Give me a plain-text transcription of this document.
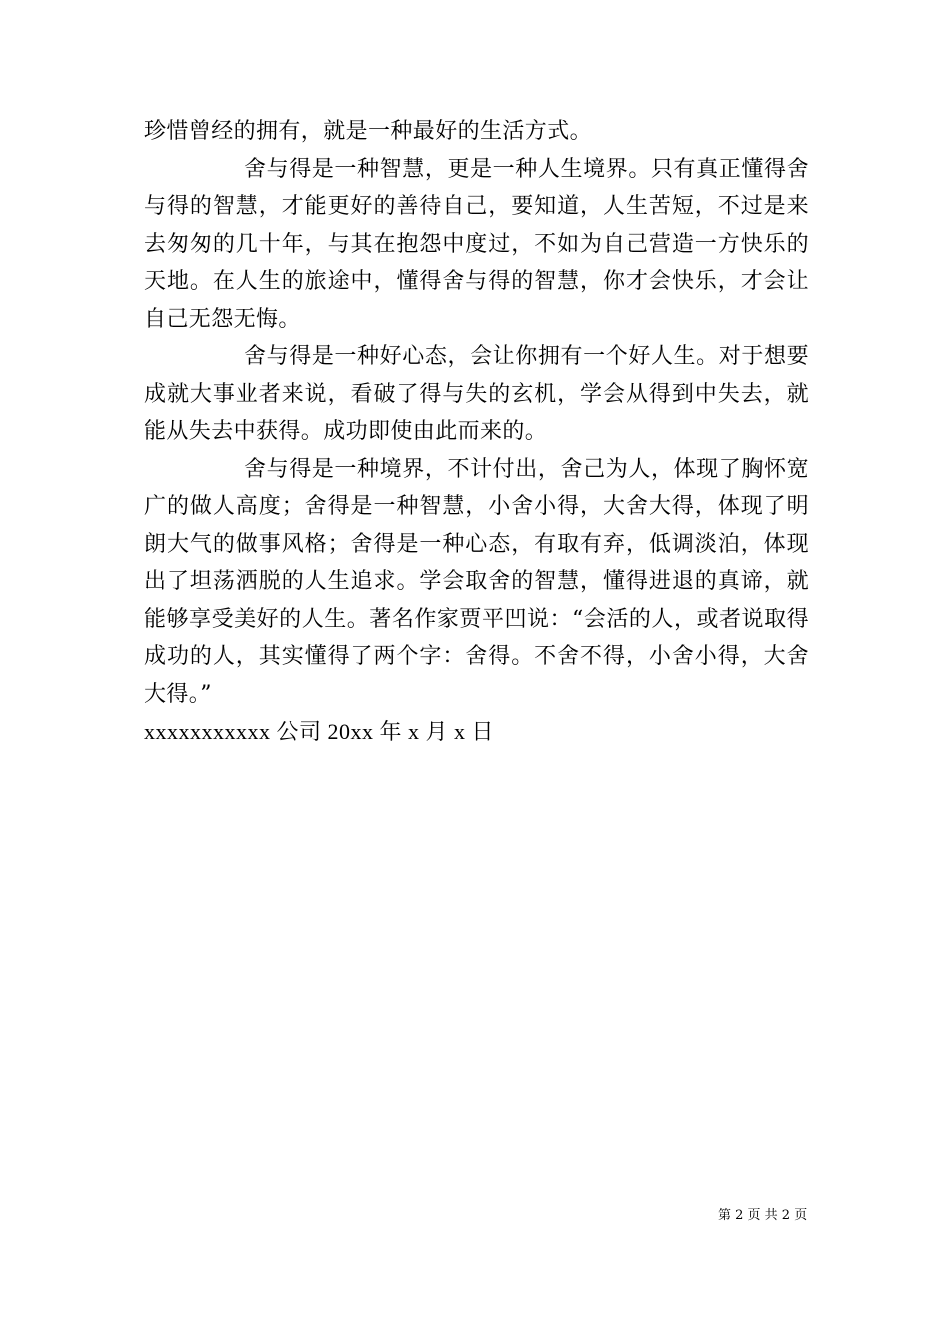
珍惜曾经的拥有，就是一种最好的生活方式。

舍与得是一种智慧，更是一种人生境界。只有真正懂得舍与得的智慧，才能更好的善待自己，要知道，人生苦短，不过是来去匆匆的几十年，与其在抱怨中度过，不如为自己营造一方快乐的天地。在人生的旅途中，懂得舍与得的智慧，你才会快乐，才会让自己无怨无悔。

舍与得是一种好心态，会让你拥有一个好人生。对于想要成就大事业者来说，看破了得与失的玄机，学会从得到中失去，就能从失去中获得。成功即使由此而来的。

舍与得是一种境界，不计付出，舍己为人，体现了胸怀宽广的做人高度；舍得是一种智慧，小舍小得，大舍大得，体现了明朗大气的做事风格；舍得是一种心态，有取有弃，低调淡泊，体现出了坦荡洒脱的人生追求。学会取舍的智慧，懂得进退的真谛，就能够享受美好的人生。著名作家贾平凹说：“会活的人，或者说取得成功的人，其实懂得了两个字：舍得。不舍不得，小舍小得，大舍大得。”

xxxxxxxxxxx 公司 20xx 年 x 月 x 日

第 2 页 共 2 页
